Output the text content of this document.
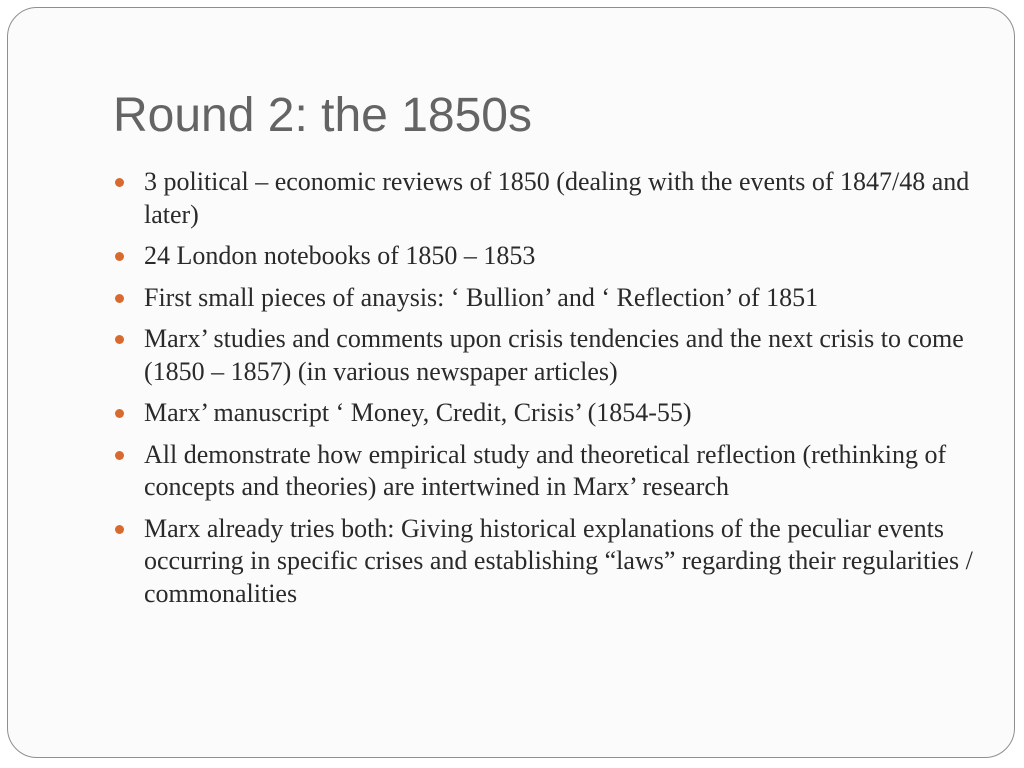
Round 2: the 1850s
3 political – economic reviews of 1850 (dealing with the events of 1847/48 and later)
24 London notebooks of 1850 – 1853
First small pieces of anaysis: ‘ Bullion’ and ‘ Reflection’ of 1851
Marx’ studies and comments upon crisis tendencies and the next crisis to come (1850 – 1857) (in various newspaper articles)
Marx’ manuscript ‘ Money, Credit, Crisis’ (1854-55)
All demonstrate how empirical study and theoretical reflection (rethinking of concepts and theories) are intertwined in Marx’ research
Marx already tries both: Giving historical explanations of the peculiar events occurring in specific crises and establishing “laws” regarding their regularities / commonalities
